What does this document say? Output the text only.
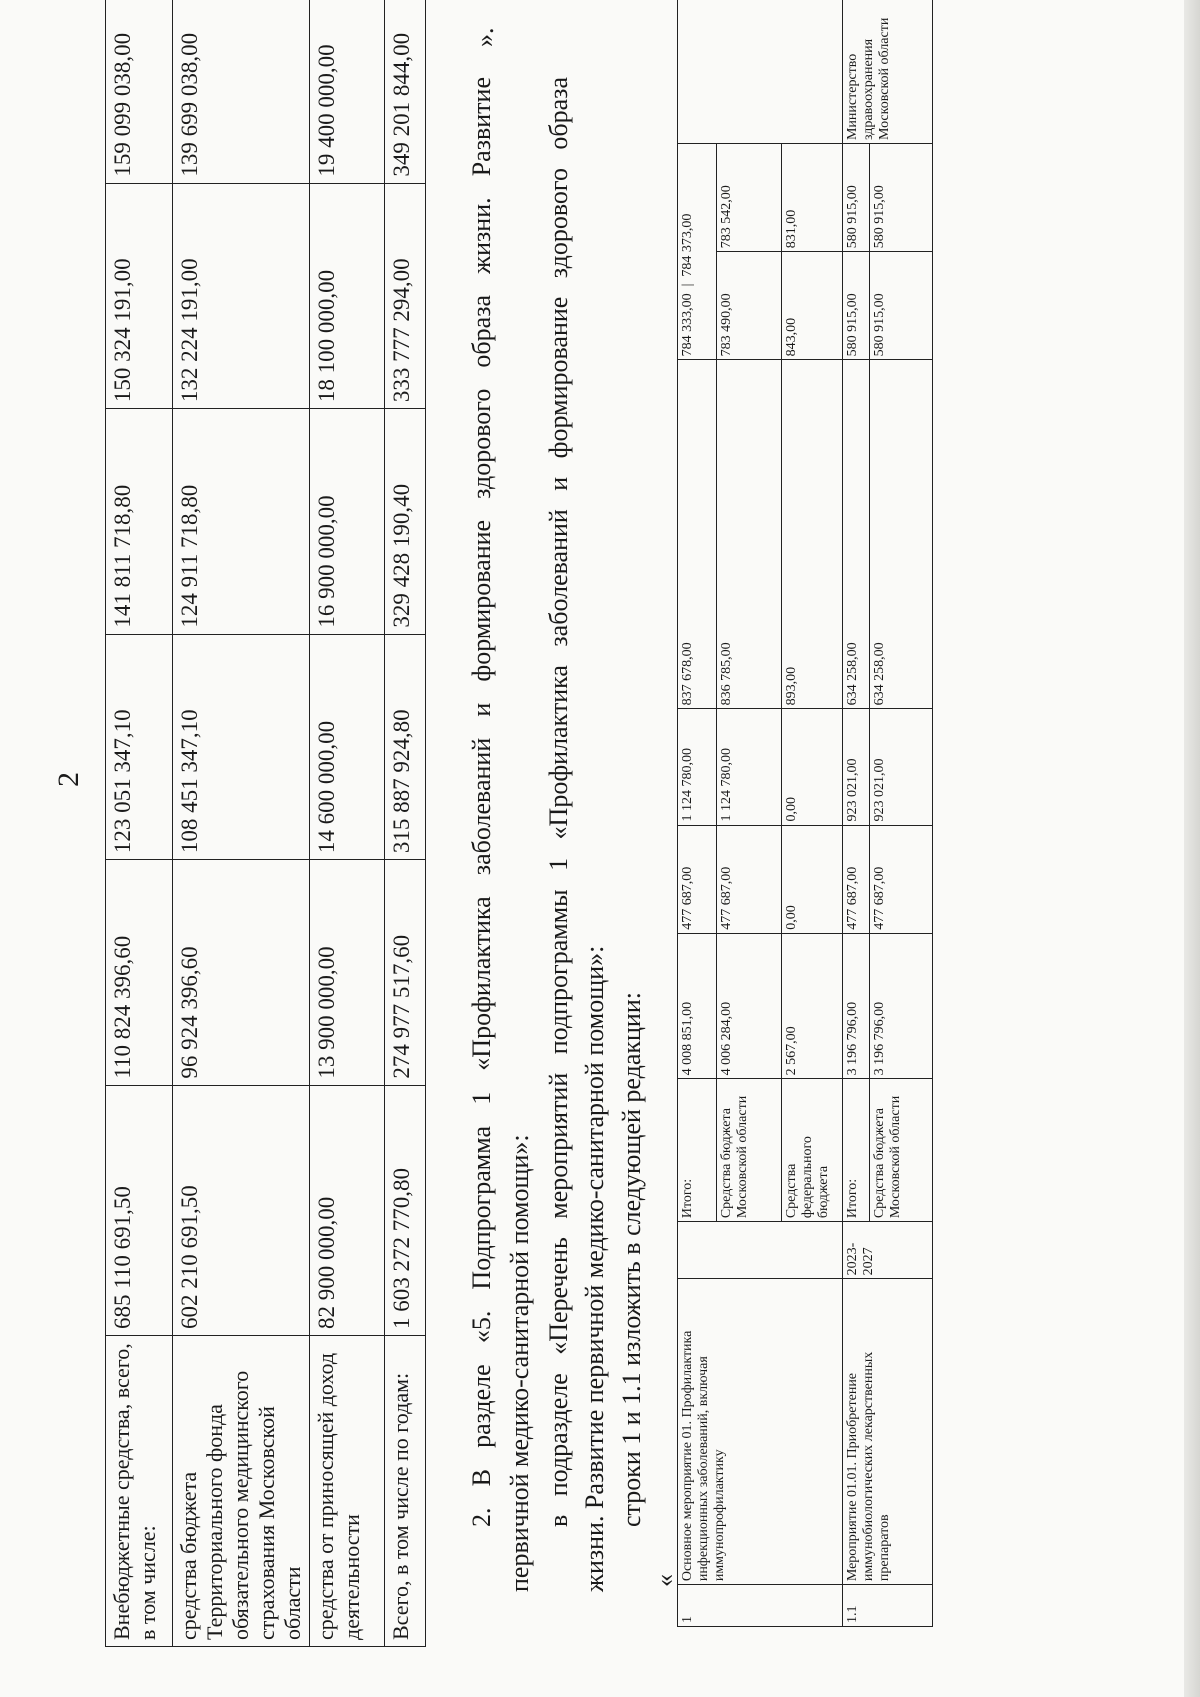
2
Внебюджетные средства, всего, в том числе:	685 110 691,50	110 824 396,60	123 051 347,10	141 811 718,80	150 324 191,00	159 099 038,00
средства бюджета Территориального фонда обязательного медицинского страхования Московской области	602 210 691,50	96 924 396,60	108 451 347,10	124 911 718,80	132 224 191,00	139 699 038,00
средства от приносящей доход деятельности	82 900 000,00	13 900 000,00	14 600 000,00	16 900 000,00	18 100 000,00	19 400 000,00
Всего, в том числе по годам:	1 603 272 770,80	274 977 517,60	315 887 924,80	329 428 190,40	333 777 294,00	349 201 844,00 ».
2. В разделе «5. Подпрограмма 1 «Профилактика заболеваний и формирование здорового образа жизни. Развитие первичной медико-санитарной помощи»: в подразделе «Перечень мероприятий подпрограммы 1 «Профилактика заболеваний и формирование здорового образа жизни. Развитие первичной медико-санитарной помощи»: строки 1 и 1.1 изложить в следующей редакции:
«
1	Основное мероприятие 01. Профилактика инфекционных заболеваний, включая иммунопрофилактику		Итого:	4 008 851,00	477 687,00	1 124 780,00	837 678,00	784 333,00  |  784 373,00		
			Средства бюджета Московской области	4 006 284,00	477 687,00	1 124 780,00	836 785,00	783 490,00	783 542,00	
			Средства федерального бюджета	2 567,00	0,00	0,00	893,00	843,00	831,00	
1.1	Мероприятие 01.01. Приобретение иммунобиологических лекарственных препаратов	2023-2027	Итого:	3 196 796,00	477 687,00	923 021,00	634 258,00	580 915,00	580 915,00	Министерство здравоохранения Московской области
			Средства бюджета Московской области	3 196 796,00	477 687,00	923 021,00	634 258,00	580 915,00	580 915,00	
